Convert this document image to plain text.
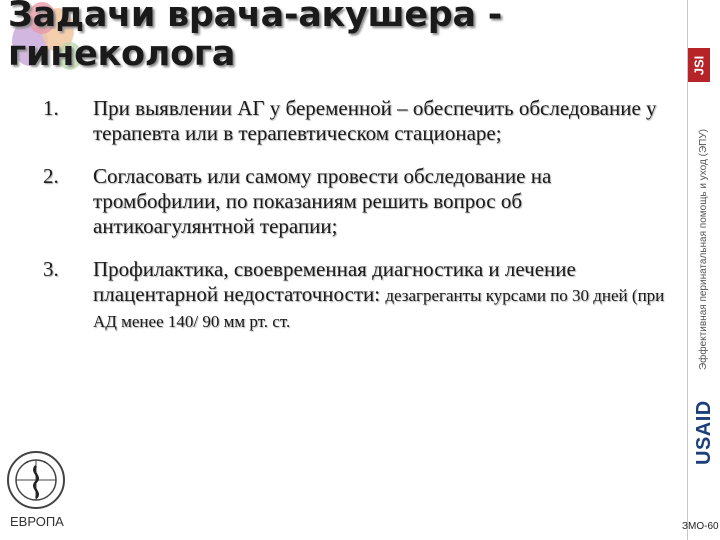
Задачи врача-акушера - гинеколога
1.	При выявлении АГ у беременной – обеспечить обследование у терапевта или в терапевтическом стационаре;
2.	Согласовать или самому провести обследование на тромбофилии, по показаниям решить вопрос об антикоагулянтной терапии;
3.	Профилактика, своевременная диагностика и лечение плацентарной недостаточности: дезагреганты курсами по 30 дней (при АД менее 140/ 90 мм рт. ст.
JSI
Эффективная перинатальная помощь и уход (ЭПУ)
USAID
ЕВРОПА	ЗМО-60
